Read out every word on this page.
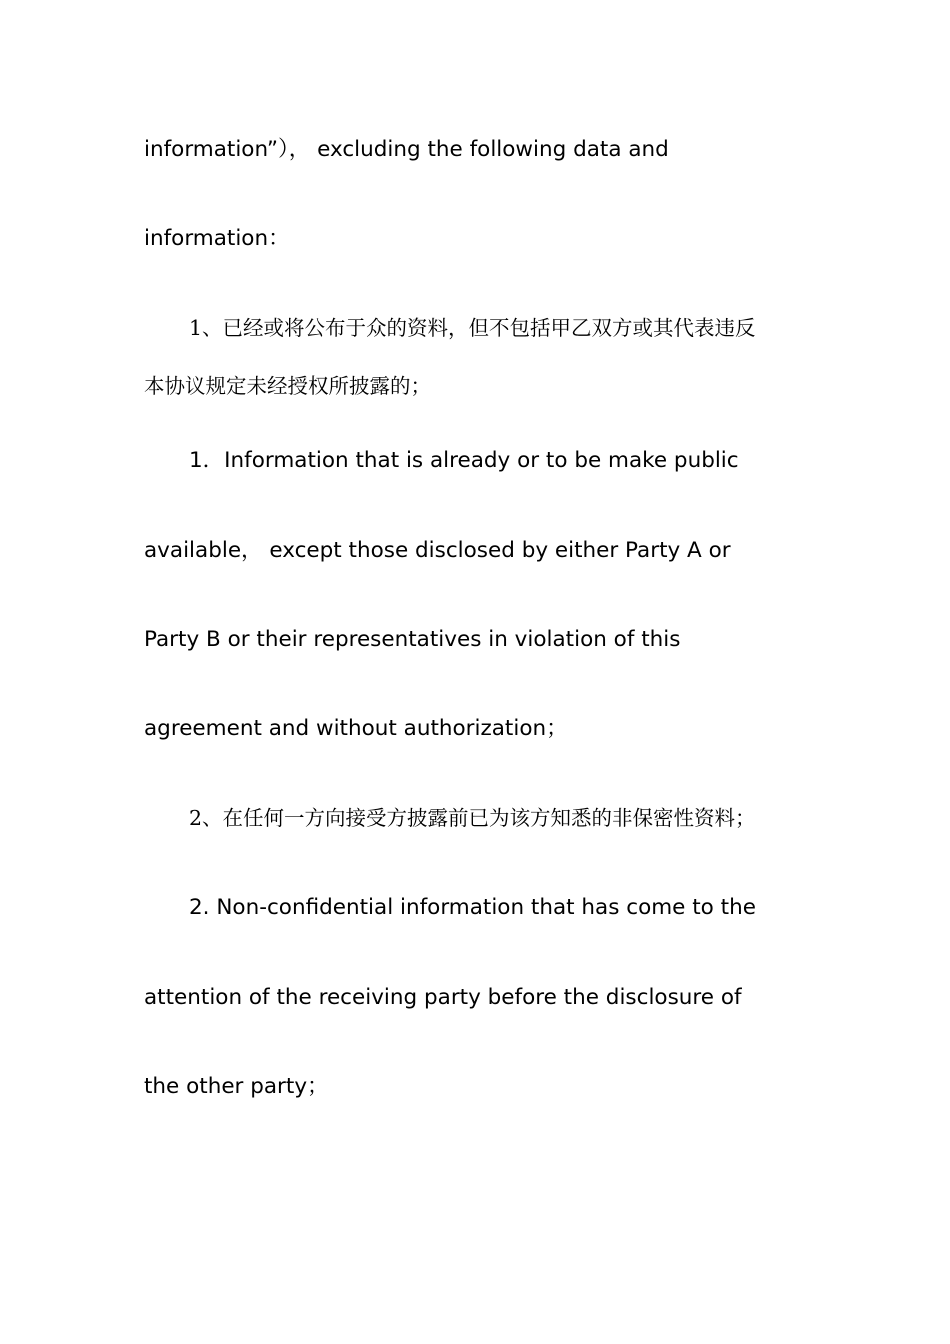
information”）， excluding the following data and
information：
1、已经或将公布于众的资料，但不包括甲乙双方或其代表违反
本协议规定未经授权所披露的；
1．Information that is already or to be make public
available， except those disclosed by either Party A or
Party B or their representatives in violation of this
agreement and without authorization；
2、在任何一方向接受方披露前已为该方知悉的非保密性资料；
2. Non-confidential information that has come to the
attention of the receiving party before the disclosure of
the other party；
